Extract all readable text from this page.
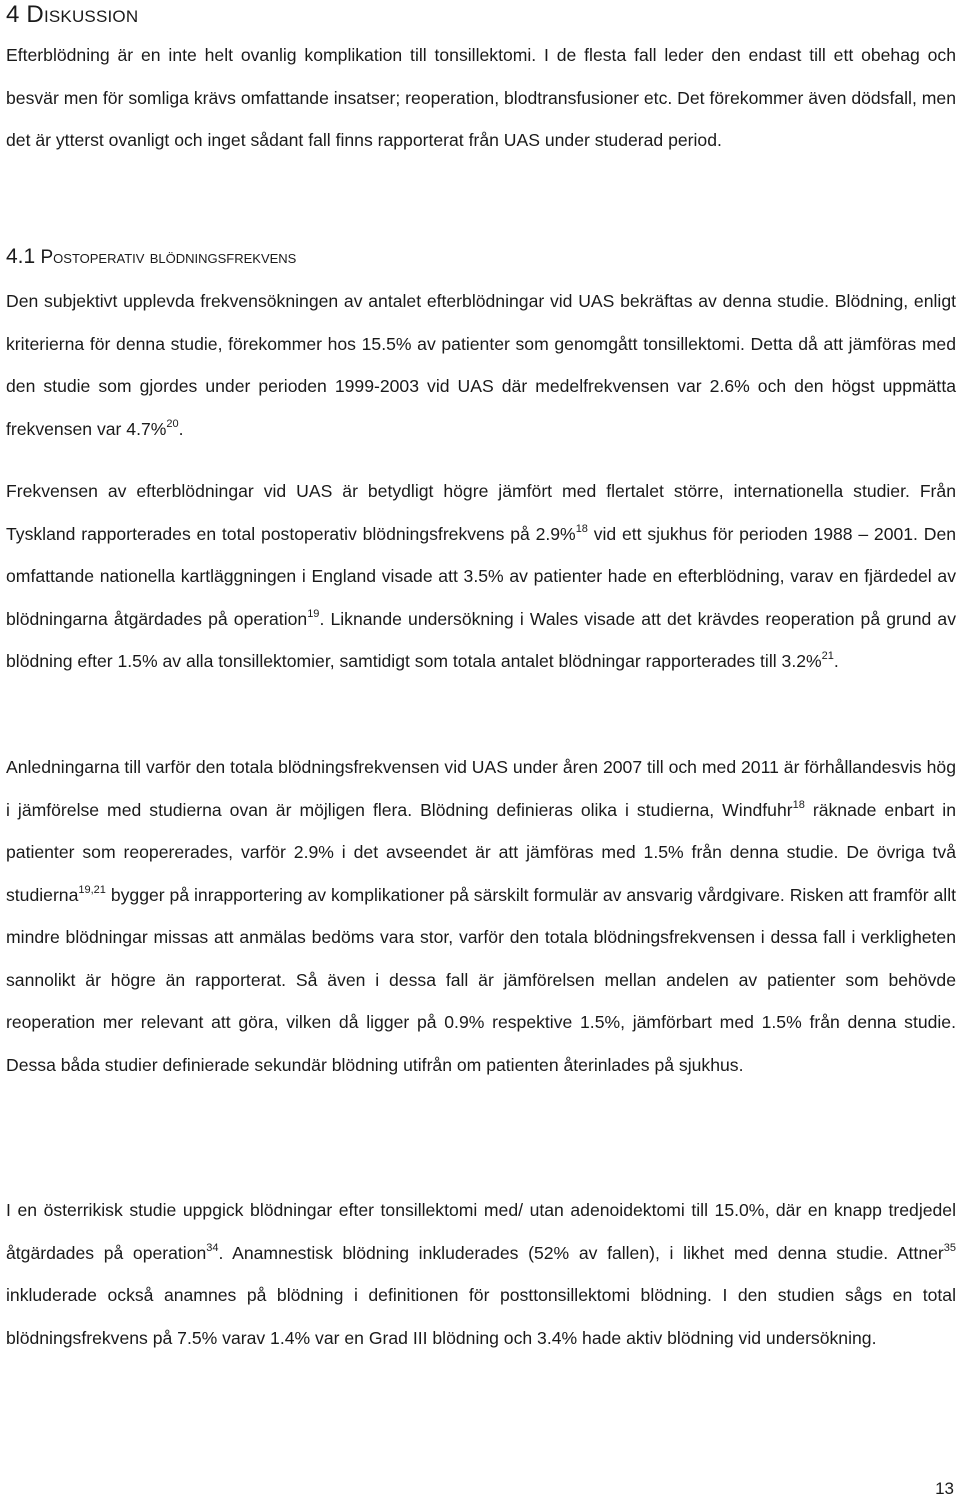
4 Diskussion

Efterblödning är en inte helt ovanlig komplikation till tonsillektomi. I de flesta fall leder den endast till ett obehag och besvär men för somliga krävs omfattande insatser; reoperation, blodtransfusioner etc. Det förekommer även dödsfall, men det är ytterst ovanligt och inget sådant fall finns rapporterat från UAS under studerad period.

4.1 Postoperativ blödningsfrekvens

Den subjektivt upplevda frekvensökningen av antalet efterblödningar vid UAS bekräftas av denna studie. Blödning, enligt kriterierna för denna studie, förekommer hos 15.5% av patienter som genomgått tonsillektomi. Detta då att jämföras med den studie som gjordes under perioden 1999-2003 vid UAS där medelfrekvensen var 2.6% och den högst uppmätta frekvensen var 4.7%$^{20}$.

Frekvensen av efterblödningar vid UAS är betydligt högre jämfört med flertalet större, internationella studier. Från Tyskland rapporterades en total postoperativ blödningsfrekvens på 2.9%$^{18}$ vid ett sjukhus för perioden 1988 – 2001. Den omfattande nationella kartläggningen i England visade att 3.5% av patienter hade en efterblödning, varav en fjärdedel av blödningarna åtgärdades på operation$^{19}$. Liknande undersökning i Wales visade att det krävdes reoperation på grund av blödning efter 1.5% av alla tonsillektomier, samtidigt som totala antalet blödningar rapporterades till 3.2%$^{21}$.

Anledningarna till varför den totala blödningsfrekvensen vid UAS under åren 2007 till och med 2011 är förhållandesvis hög i jämförelse med studierna ovan är möjligen flera. Blödning definieras olika i studierna, Windfuhr$^{18}$ räknade enbart in patienter som reopererades, varför 2.9% i det avseendet är att jämföras med 1.5% från denna studie. De övriga två studierna$^{19,21}$ bygger på inrapportering av komplikationer på särskilt formulär av ansvarig vårdgivare. Risken att framför allt mindre blödningar missas att anmälas bedöms vara stor, varför den totala blödningsfrekvensen i dessa fall i verkligheten sannolikt är högre än rapporterat. Så även i dessa fall är jämförelsen mellan andelen av patienter som behövde reoperation mer relevant att göra, vilken då ligger på 0.9% respektive 1.5%, jämförbart med 1.5% från denna studie. Dessa båda studier definierade sekundär blödning utifrån om patienten återinlades på sjukhus.

I en österrikisk studie uppgick blödningar efter tonsillektomi med/ utan adenoidektomi till 15.0%, där en knapp tredjedel åtgärdades på operation$^{34}$. Anamnestisk blödning inkluderades (52% av fallen), i likhet med denna studie. Attner$^{35}$ inkluderade också anamnes på blödning i definitionen för posttonsillektomi blödning. I den studien sågs en total blödningsfrekvens på 7.5% varav 1.4% var en Grad III blödning och 3.4% hade aktiv blödning vid undersökning.

13
